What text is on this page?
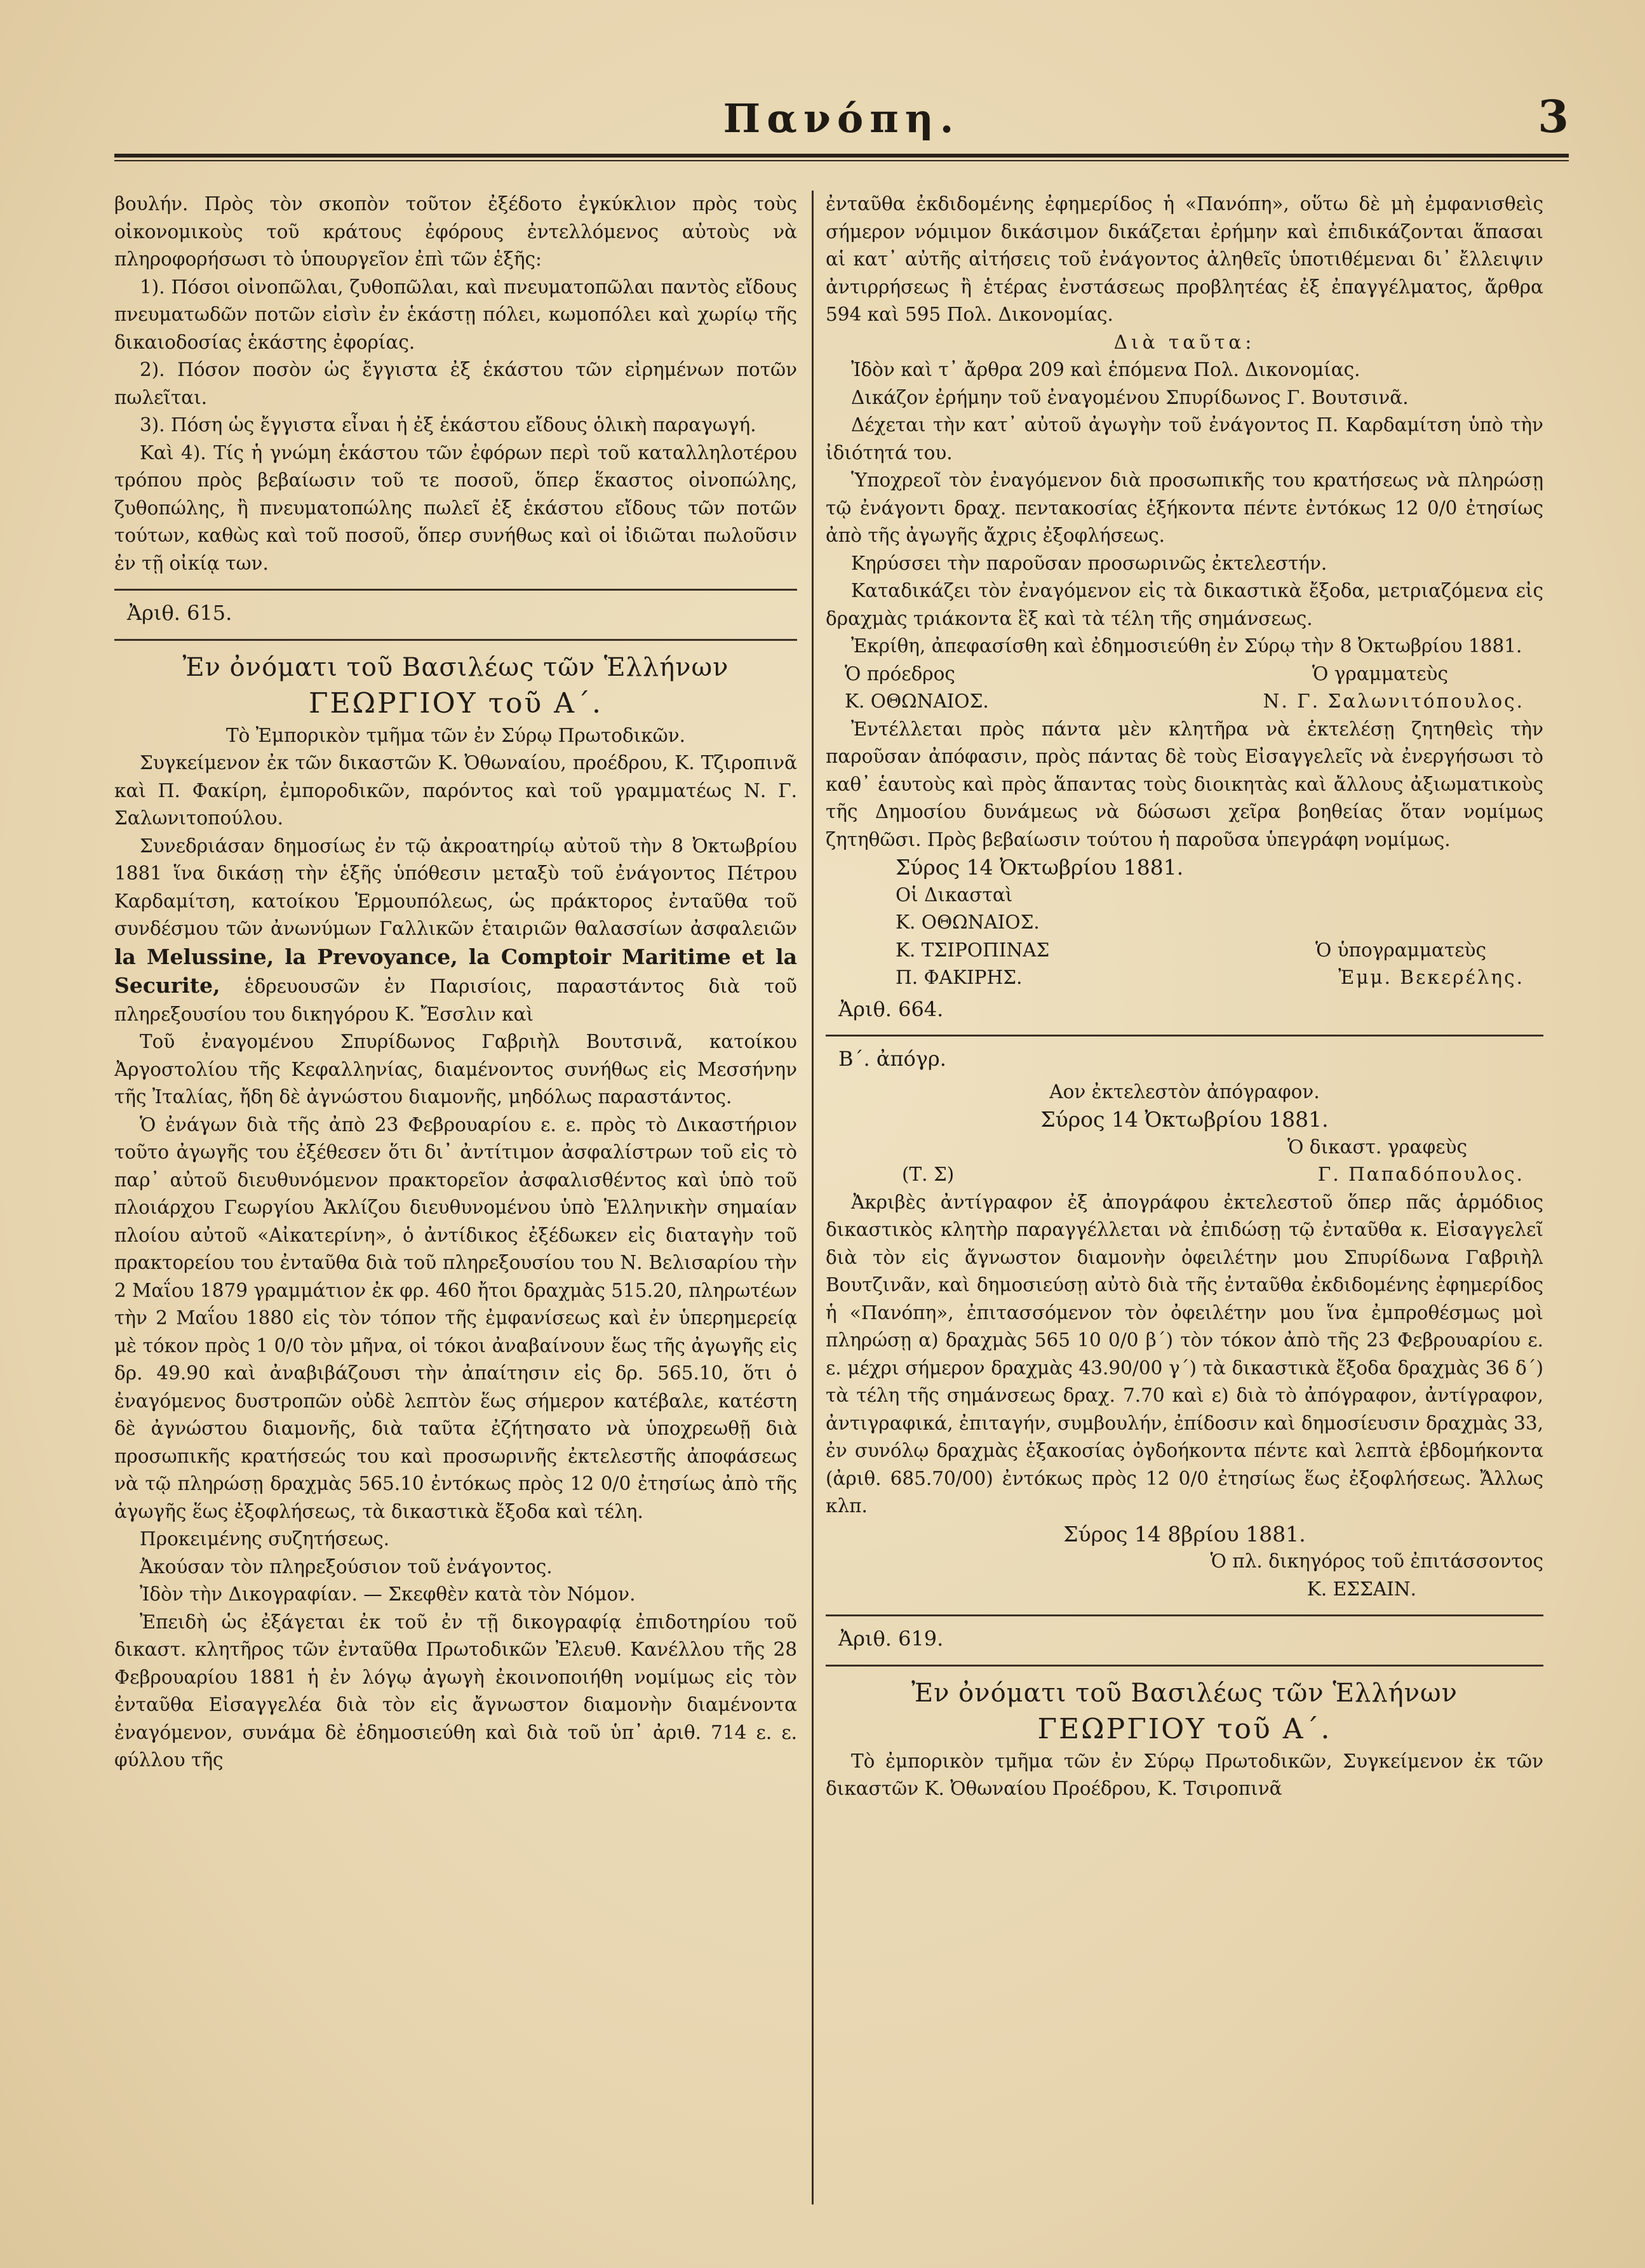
Πανόπη.	3

βουλήν. Πρὸς τὸν σκοπὸν τοῦτον ἐξέδοτο ἐγκύκλιον πρὸς τοὺς οἰκονομικοὺς τοῦ κράτους ἐφόρους ἐντελλόμενος αὐτοὺς νὰ πληροφορήσωσι τὸ ὑπουργεῖον ἐπὶ τῶν ἑξῆς:

1). Πόσοι οἰνοπῶλαι, ζυθοπῶλαι, καὶ πνευματοπῶλαι παντὸς εἴδους πνευματωδῶν ποτῶν εἰσὶν ἐν ἑκάστῃ πόλει, κωμοπόλει καὶ χωρίῳ τῆς δικαιοδοσίας ἑκάστης ἐφορίας.

2). Πόσον ποσὸν ὡς ἔγγιστα ἐξ ἑκάστου τῶν εἰρημένων ποτῶν πωλεῖται.

3). Πόση ὡς ἔγγιστα εἶναι ἡ ἐξ ἑκάστου εἴδους ὁλικὴ παραγωγή.

Καὶ 4). Τίς ἡ γνώμη ἑκάστου τῶν ἐφόρων περὶ τοῦ καταλληλοτέρου τρόπου πρὸς βεβαίωσιν τοῦ τε ποσοῦ, ὅπερ ἕκαστος οἰνοπώλης, ζυθοπώλης, ἢ πνευματοπώλης πωλεῖ ἐξ ἑκάστου εἴδους τῶν ποτῶν τούτων, καθὼς καὶ τοῦ ποσοῦ, ὅπερ συνήθως καὶ οἱ ἰδιῶται πωλοῦσιν ἐν τῇ οἰκίᾳ των.

Ἀριθ. 615.
Ἐν ὀνόματι τοῦ Βασιλέως τῶν Ἑλλήνων
ΓΕΩΡΓΙΟΥ τοῦ Α΄.

Τὸ Ἐμπορικὸν τμῆμα τῶν ἐν Σύρῳ Πρωτοδικῶν.

Συγκείμενον ἐκ τῶν δικαστῶν Κ. Ὀθωναίου, προέδρου, Κ. Τζιροπινᾶ καὶ Π. Φακίρη, ἐμποροδικῶν, παρόντος καὶ τοῦ γραμματέως Ν. Γ. Σαλωνιτοπούλου.

Συνεδριάσαν δημοσίως ἐν τῷ ἀκροατηρίῳ αὐτοῦ τὴν 8 Ὀκτωβρίου 1881 ἵνα δικάσῃ τὴν ἑξῆς ὑπόθεσιν μεταξὺ τοῦ ἐνάγοντος Πέτρου Καρδαμίτση, κατοίκου Ἑρμουπόλεως, ὡς πράκτορος ἐνταῦθα τοῦ συνδέσμου τῶν ἀνωνύμων Γαλλικῶν ἑταιριῶν θαλασσίων ἀσφαλειῶν la Melussine, la Prevoyance, la Comptoir Maritime et la Securite, ἑδρευουσῶν ἐν Παρισίοις, παραστάντος διὰ τοῦ πληρεξουσίου του δικηγόρου Κ. Ἔσσλιν καὶ

Τοῦ ἐναγομένου Σπυρίδωνος Γαβριὴλ Βουτσινᾶ, κατοίκου Ἀργοστολίου τῆς Κεφαλληνίας, διαμένοντος συνήθως εἰς Μεσσήνην τῆς Ἰταλίας, ἤδη δὲ ἀγνώστου διαμονῆς, μηδόλως παραστάντος.

Ὁ ἐνάγων διὰ τῆς ἀπὸ 23 Φεβρουαρίου ε. ε. πρὸς τὸ Δικαστήριον τοῦτο ἀγωγῆς του ἐξέθεσεν ὅτι δι᾿ ἀντίτιμον ἀσφαλίστρων τοῦ εἰς τὸ παρ᾿ αὐτοῦ διευθυνόμενον πρακτορεῖον ἀσφαλισθέντος καὶ ὑπὸ τοῦ πλοιάρχου Γεωργίου Ἀκλίζου διευθυνομένου ὑπὸ Ἑλληνικὴν σημαίαν πλοίου αὐτοῦ «Αἰκατερίνη», ὁ ἀντίδικος ἐξέδωκεν εἰς διαταγὴν τοῦ πρακτορείου του ἐνταῦθα διὰ τοῦ πληρεξουσίου του Ν. Βελισαρίου τὴν 2 Μαΐου 1879 γραμμάτιον ἐκ φρ. 460 ἤτοι δραχμὰς 515.20, πληρωτέων τὴν 2 Μαΐου 1880 εἰς τὸν τόπον τῆς ἐμφανίσεως καὶ ἐν ὑπερημερείᾳ μὲ τόκον πρὸς 1 0/0 τὸν μῆνα, οἱ τόκοι ἀναβαίνουν ἕως τῆς ἀγωγῆς εἰς δρ. 49.90 καὶ ἀναβιβάζουσι τὴν ἀπαίτησιν εἰς δρ. 565.10, ὅτι ὁ ἐναγόμενος δυστροπῶν οὐδὲ λεπτὸν ἕως σήμερον κατέβαλε, κατέστη δὲ ἀγνώστου διαμονῆς, διὰ ταῦτα ἐζήτησατο νὰ ὑποχρεωθῇ διὰ προσωπικῆς κρατήσεώς του καὶ προσωρινῆς ἐκτελεστῆς ἀποφάσεως νὰ τῷ πληρώσῃ δραχμὰς 565.10 ἐντόκως πρὸς 12 0/0 ἐτησίως ἀπὸ τῆς ἀγωγῆς ἕως ἐξοφλήσεως, τὰ δικαστικὰ ἔξοδα καὶ τέλη.

Προκειμένης συζητήσεως.

Ἀκούσαν τὸν πληρεξούσιον τοῦ ἐνάγοντος.

Ἰδὸν τὴν Δικογραφίαν. — Σκεφθὲν κατὰ τὸν Νόμον.

Ἐπειδὴ ὡς ἐξάγεται ἐκ τοῦ ἐν τῇ δικογραφίᾳ ἐπιδοτηρίου τοῦ δικαστ. κλητῆρος τῶν ἐνταῦθα Πρωτοδικῶν Ἐλευθ. Κανέλλου τῆς 28 Φεβρουαρίου 1881 ἡ ἐν λόγῳ ἀγωγὴ ἐκοινοποιήθη νομίμως εἰς τὸν ἐνταῦθα Εἰσαγγελέα διὰ τὸν εἰς ἄγνωστον διαμονὴν διαμένοντα ἐναγόμενον, συνάμα δὲ ἐδημοσιεύθη καὶ διὰ τοῦ ὑπ᾿ ἀριθ. 714 ε. ε. φύλλου τῆς

ἐνταῦθα ἐκδιδομένης ἐφημερίδος ἡ «Πανόπη», οὕτω δὲ μὴ ἐμφανισθεὶς σήμερον νόμιμον δικάσιμον δικάζεται ἐρήμην καὶ ἐπιδικάζονται ἅπασαι αἱ κατ᾿ αὐτῆς αἰτήσεις τοῦ ἐνάγοντος ἀληθεῖς ὑποτιθέμεναι δι᾿ ἔλλειψιν ἀντιρρήσεως ἢ ἑτέρας ἐνστάσεως προβλητέας ἐξ ἐπαγγέλματος, ἄρθρα 594 καὶ 595 Πολ. Δικονομίας.

Διὰ ταῦτα:

Ἰδὸν καὶ τ᾿ ἄρθρα 209 καὶ ἑπόμενα Πολ. Δικονομίας.

Δικάζον ἐρήμην τοῦ ἐναγομένου Σπυρίδωνος Γ. Βουτσινᾶ.

Δέχεται τὴν κατ᾿ αὐτοῦ ἀγωγὴν τοῦ ἐνάγοντος Π. Καρδαμίτση ὑπὸ τὴν ἰδιότητά του.

Ὑποχρεοῖ τὸν ἐναγόμενον διὰ προσωπικῆς του κρατήσεως νὰ πληρώσῃ τῷ ἐνάγοντι δραχ. πεντακοσίας ἑξήκοντα πέντε ἐντόκως 12 0/0 ἐτησίως ἀπὸ τῆς ἀγωγῆς ἄχρις ἐξοφλήσεως.

Κηρύσσει τὴν παροῦσαν προσωρινῶς ἐκτελεστήν.

Καταδικάζει τὸν ἐναγόμενον εἰς τὰ δικαστικὰ ἔξοδα, μετριαζόμενα εἰς δραχμὰς τριάκοντα ἓξ καὶ τὰ τέλη τῆς σημάνσεως.

Ἐκρίθη, ἀπεφασίσθη καὶ ἐδημοσιεύθη ἐν Σύρῳ τὴν 8 Ὀκτωβρίου 1881.

Ὁ πρόεδρος	Ὁ γραμματεὺς
Κ. ΟΘΩΝΑΙΟΣ.	Ν. Γ. Σαλωνιτόπουλος.

Ἐντέλλεται πρὸς πάντα μὲν κλητῆρα νὰ ἐκτελέσῃ ζητηθεὶς τὴν παροῦσαν ἀπόφασιν, πρὸς πάντας δὲ τοὺς Εἰσαγγελεῖς νὰ ἐνεργήσωσι τὸ καθ᾿ ἑαυτοὺς καὶ πρὸς ἅπαντας τοὺς διοικητὰς καὶ ἄλλους ἀξιωματικοὺς τῆς Δημοσίου δυνάμεως νὰ δώσωσι χεῖρα βοηθείας ὅταν νομίμως ζητηθῶσι. Πρὸς βεβαίωσιν τούτου ἡ παροῦσα ὑπεγράφη νομίμως.

Σύρος 14 Ὀκτωβρίου 1881.
Οἱ Δικασταὶ
Κ. ΟΘΩΝΑΙΟΣ.
Κ. ΤΣΙΡΟΠΙΝΑΣ	Ὁ ὑπογραμματεὺς
Π. ΦΑΚΙΡΗΣ.	Ἐμμ. Βεκερέλης.
Ἀριθ. 664.
Β΄. ἀπόγρ.
Αον ἐκτελεστὸν ἀπόγραφον.
Σύρος 14 Ὀκτωβρίου 1881.
Ὁ δικαστ. γραφεὺς
(Τ. Σ)	Γ. Παπαδόπουλος.

Ἀκριβὲς ἀντίγραφον ἐξ ἀπογράφου ἐκτελεστοῦ ὅπερ πᾶς ἁρμόδιος δικαστικὸς κλητὴρ παραγγέλλεται νὰ ἐπιδώσῃ τῷ ἐνταῦθα κ. Εἰσαγγελεῖ διὰ τὸν εἰς ἄγνωστον διαμονὴν ὀφειλέτην μου Σπυρίδωνα Γαβριὴλ Βουτζινᾶν, καὶ δημοσιεύσῃ αὐτὸ διὰ τῆς ἐνταῦθα ἐκδιδομένης ἐφημερίδος ἡ «Πανόπη», ἐπιτασσόμενον τὸν ὀφειλέτην μου ἵνα ἐμπροθέσμως μοὶ πληρώσῃ α) δραχμὰς 565 10 0/0 β΄) τὸν τόκον ἀπὸ τῆς 23 Φεβρουαρίου ε. ε. μέχρι σήμερον δραχμὰς 43.90/00 γ΄) τὰ δικαστικὰ ἔξοδα δραχμὰς 36 δ΄) τὰ τέλη τῆς σημάνσεως δραχ. 7.70 καὶ ε) διὰ τὸ ἀπόγραφον, ἀντίγραφον, ἀντιγραφικά, ἐπιταγήν, συμβουλήν, ἐπίδοσιν καὶ δημοσίευσιν δραχμὰς 33, ἐν συνόλῳ δραχμὰς ἑξακοσίας ὀγδοήκοντα πέντε καὶ λεπτὰ ἑβδομήκοντα (ἀριθ. 685.70/00) ἐντόκως πρὸς 12 0/0 ἐτησίως ἕως ἐξοφλήσεως. Ἄλλως κλπ.

Σύρος 14 8βρίου 1881.
Ὁ πλ. δικηγόρος τοῦ ἐπιτάσσοντος
Κ. ΕΣΣΑΙΝ.
Ἀριθ. 619.
Ἐν ὀνόματι τοῦ Βασιλέως τῶν Ἑλλήνων
ΓΕΩΡΓΙΟΥ τοῦ Α΄.

Τὸ ἐμπορικὸν τμῆμα τῶν ἐν Σύρῳ Πρωτοδικῶν, Συγκείμενον ἐκ τῶν δικαστῶν Κ. Ὀθωναίου Προέδρου, Κ. Τσιροπινᾶ
